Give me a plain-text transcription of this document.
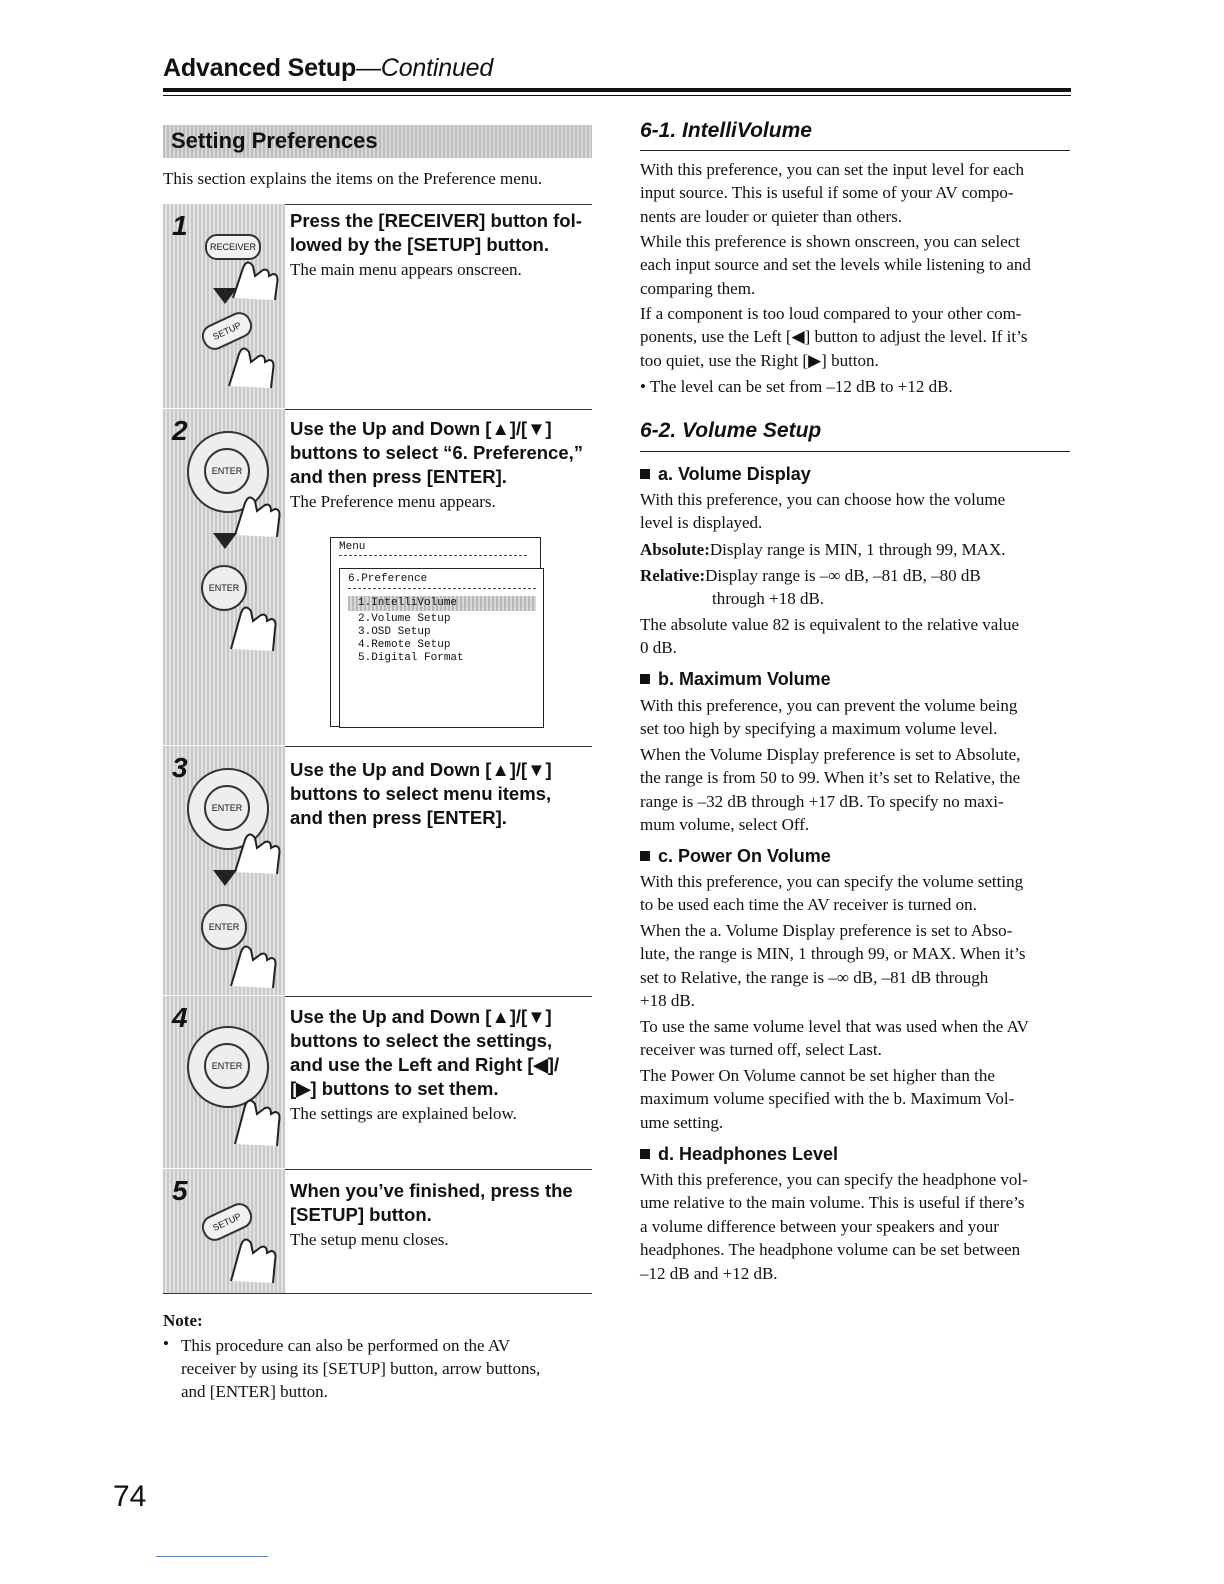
Advanced Setup—Continued
Setting Preferences
This section explains the items on the Preference menu.
1
RECEIVER
SETUP

Press the [RECEIVER] button fol-
lowed by the [SETUP] button.

The main menu appears onscreen.

2
ENTER
ENTER

Use the Up and Down [▲]/[▼]
buttons to select “6. Preference,”
and then press [ENTER].

The Preference menu appears.

Menu
6.Preference
1.IntelliVolume
2.Volume Setup
3.OSD Setup
4.Remote Setup
5.Digital Format
3
ENTER
ENTER

Use the Up and Down [▲]/[▼]
buttons to select menu items,
and then press [ENTER].

4
ENTER

Use the Up and Down [▲]/[▼]
buttons to select the settings,
and use the Left and Right [◀]/
[▶] buttons to set them.

The settings are explained below.

5
SETUP

When you’ve finished, press the
[SETUP] button.

The setup menu closes.

Note:
• This procedure can also be performed on the AV
receiver by using its [SETUP] button, arrow buttons,
and [ENTER] button.
74
6-1. IntelliVolume

With this preference, you can set the input level for each
input source. This is useful if some of your AV compo-
nents are louder or quieter than others.

While this preference is shown onscreen, you can select
each input source and set the levels while listening to and
comparing them.

If a component is too loud compared to your other com-
ponents, use the Left [◀] button to adjust the level. If it’s
too quiet, use the Right [▶] button.

• The level can be set from –12 dB to +12 dB.

6-2. Volume Setup
a. Volume Display

With this preference, you can choose how the volume
level is displayed.

Absolute:Display range is MIN, 1 through 99, MAX.

Relative:Display range is –∞ dB, –81 dB, –80 dB
through +18 dB.

The absolute value 82 is equivalent to the relative value
0 dB.

b. Maximum Volume

With this preference, you can prevent the volume being
set too high by specifying a maximum volume level.

When the Volume Display preference is set to Absolute,
the range is from 50 to 99. When it’s set to Relative, the
range is –32 dB through +17 dB. To specify no maxi-
mum volume, select Off.

c. Power On Volume

With this preference, you can specify the volume setting
to be used each time the AV receiver is turned on.

When the a. Volume Display preference is set to Abso-
lute, the range is MIN, 1 through 99, or MAX. When it’s
set to Relative, the range is –∞ dB, –81 dB through
+18 dB.

To use the same volume level that was used when the AV
receiver was turned off, select Last.

The Power On Volume cannot be set higher than the
maximum volume specified with the b. Maximum Vol-
ume setting.

d. Headphones Level

With this preference, you can specify the headphone vol-
ume relative to the main volume. This is useful if there’s
a volume difference between your speakers and your
headphones. The headphone volume can be set between
–12 dB and +12 dB.
